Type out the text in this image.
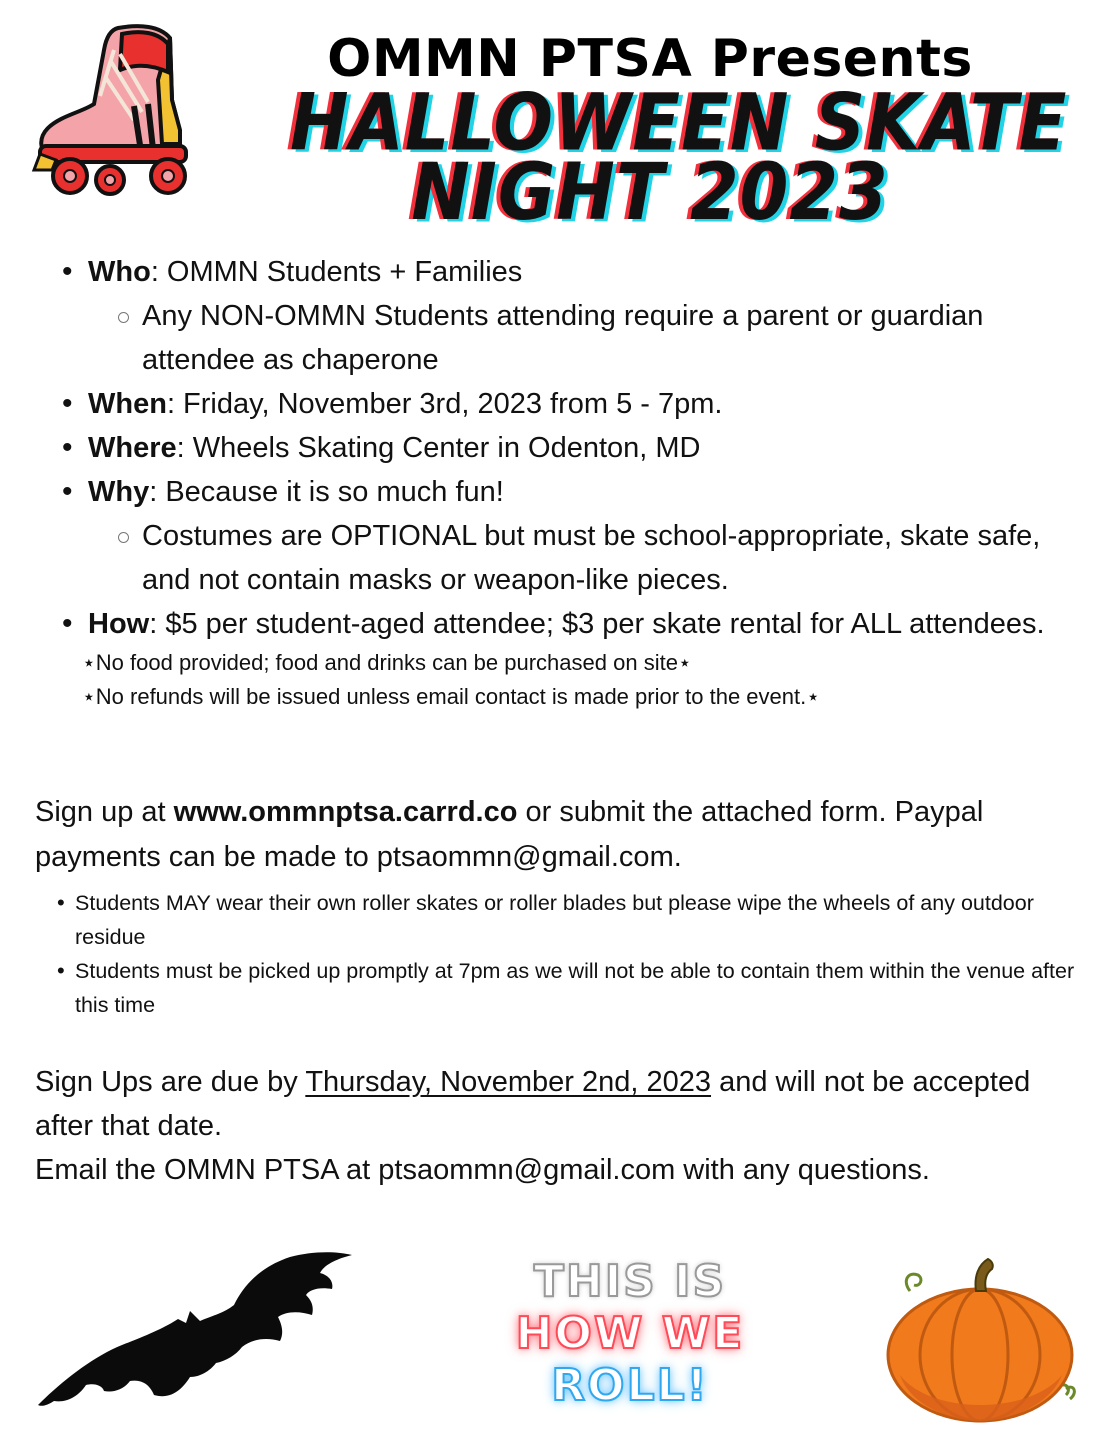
OMMN PTSA Presents
HALLOWEEN SKATE
NIGHT 2023
• Who: OMMN Students + Families
Any NON-OMMN Students attending require a parent or guardian attendee as chaperone
• When: Friday, November 3rd, 2023 from 5 - 7pm.
• Where: Wheels Skating Center in Odenton, MD
• Why: Because it is so much fun!
Costumes are OPTIONAL but must be school-appropriate, skate safe, and not contain masks or weapon-like pieces.
• How: $5 per student-aged attendee; $3 per skate rental for ALL attendees.
⋆No food provided; food and drinks can be purchased on site⋆
⋆No refunds will be issued unless email contact is made prior to the event.⋆
Sign up at www.ommnptsa.carrd.co or submit the attached form. Paypal payments can be made to ptsaommn@gmail.com.
• Students MAY wear their own roller skates or roller blades but please wipe the wheels of any outdoor residue
• Students must be picked up promptly at 7pm as we will not be able to contain them within the venue after this time
Sign Ups are due by Thursday, November 2nd, 2023 and will not be accepted after that date.
Email the OMMN PTSA at ptsaommn@gmail.com with any questions.
THIS IS
HOW WE
ROLL!
